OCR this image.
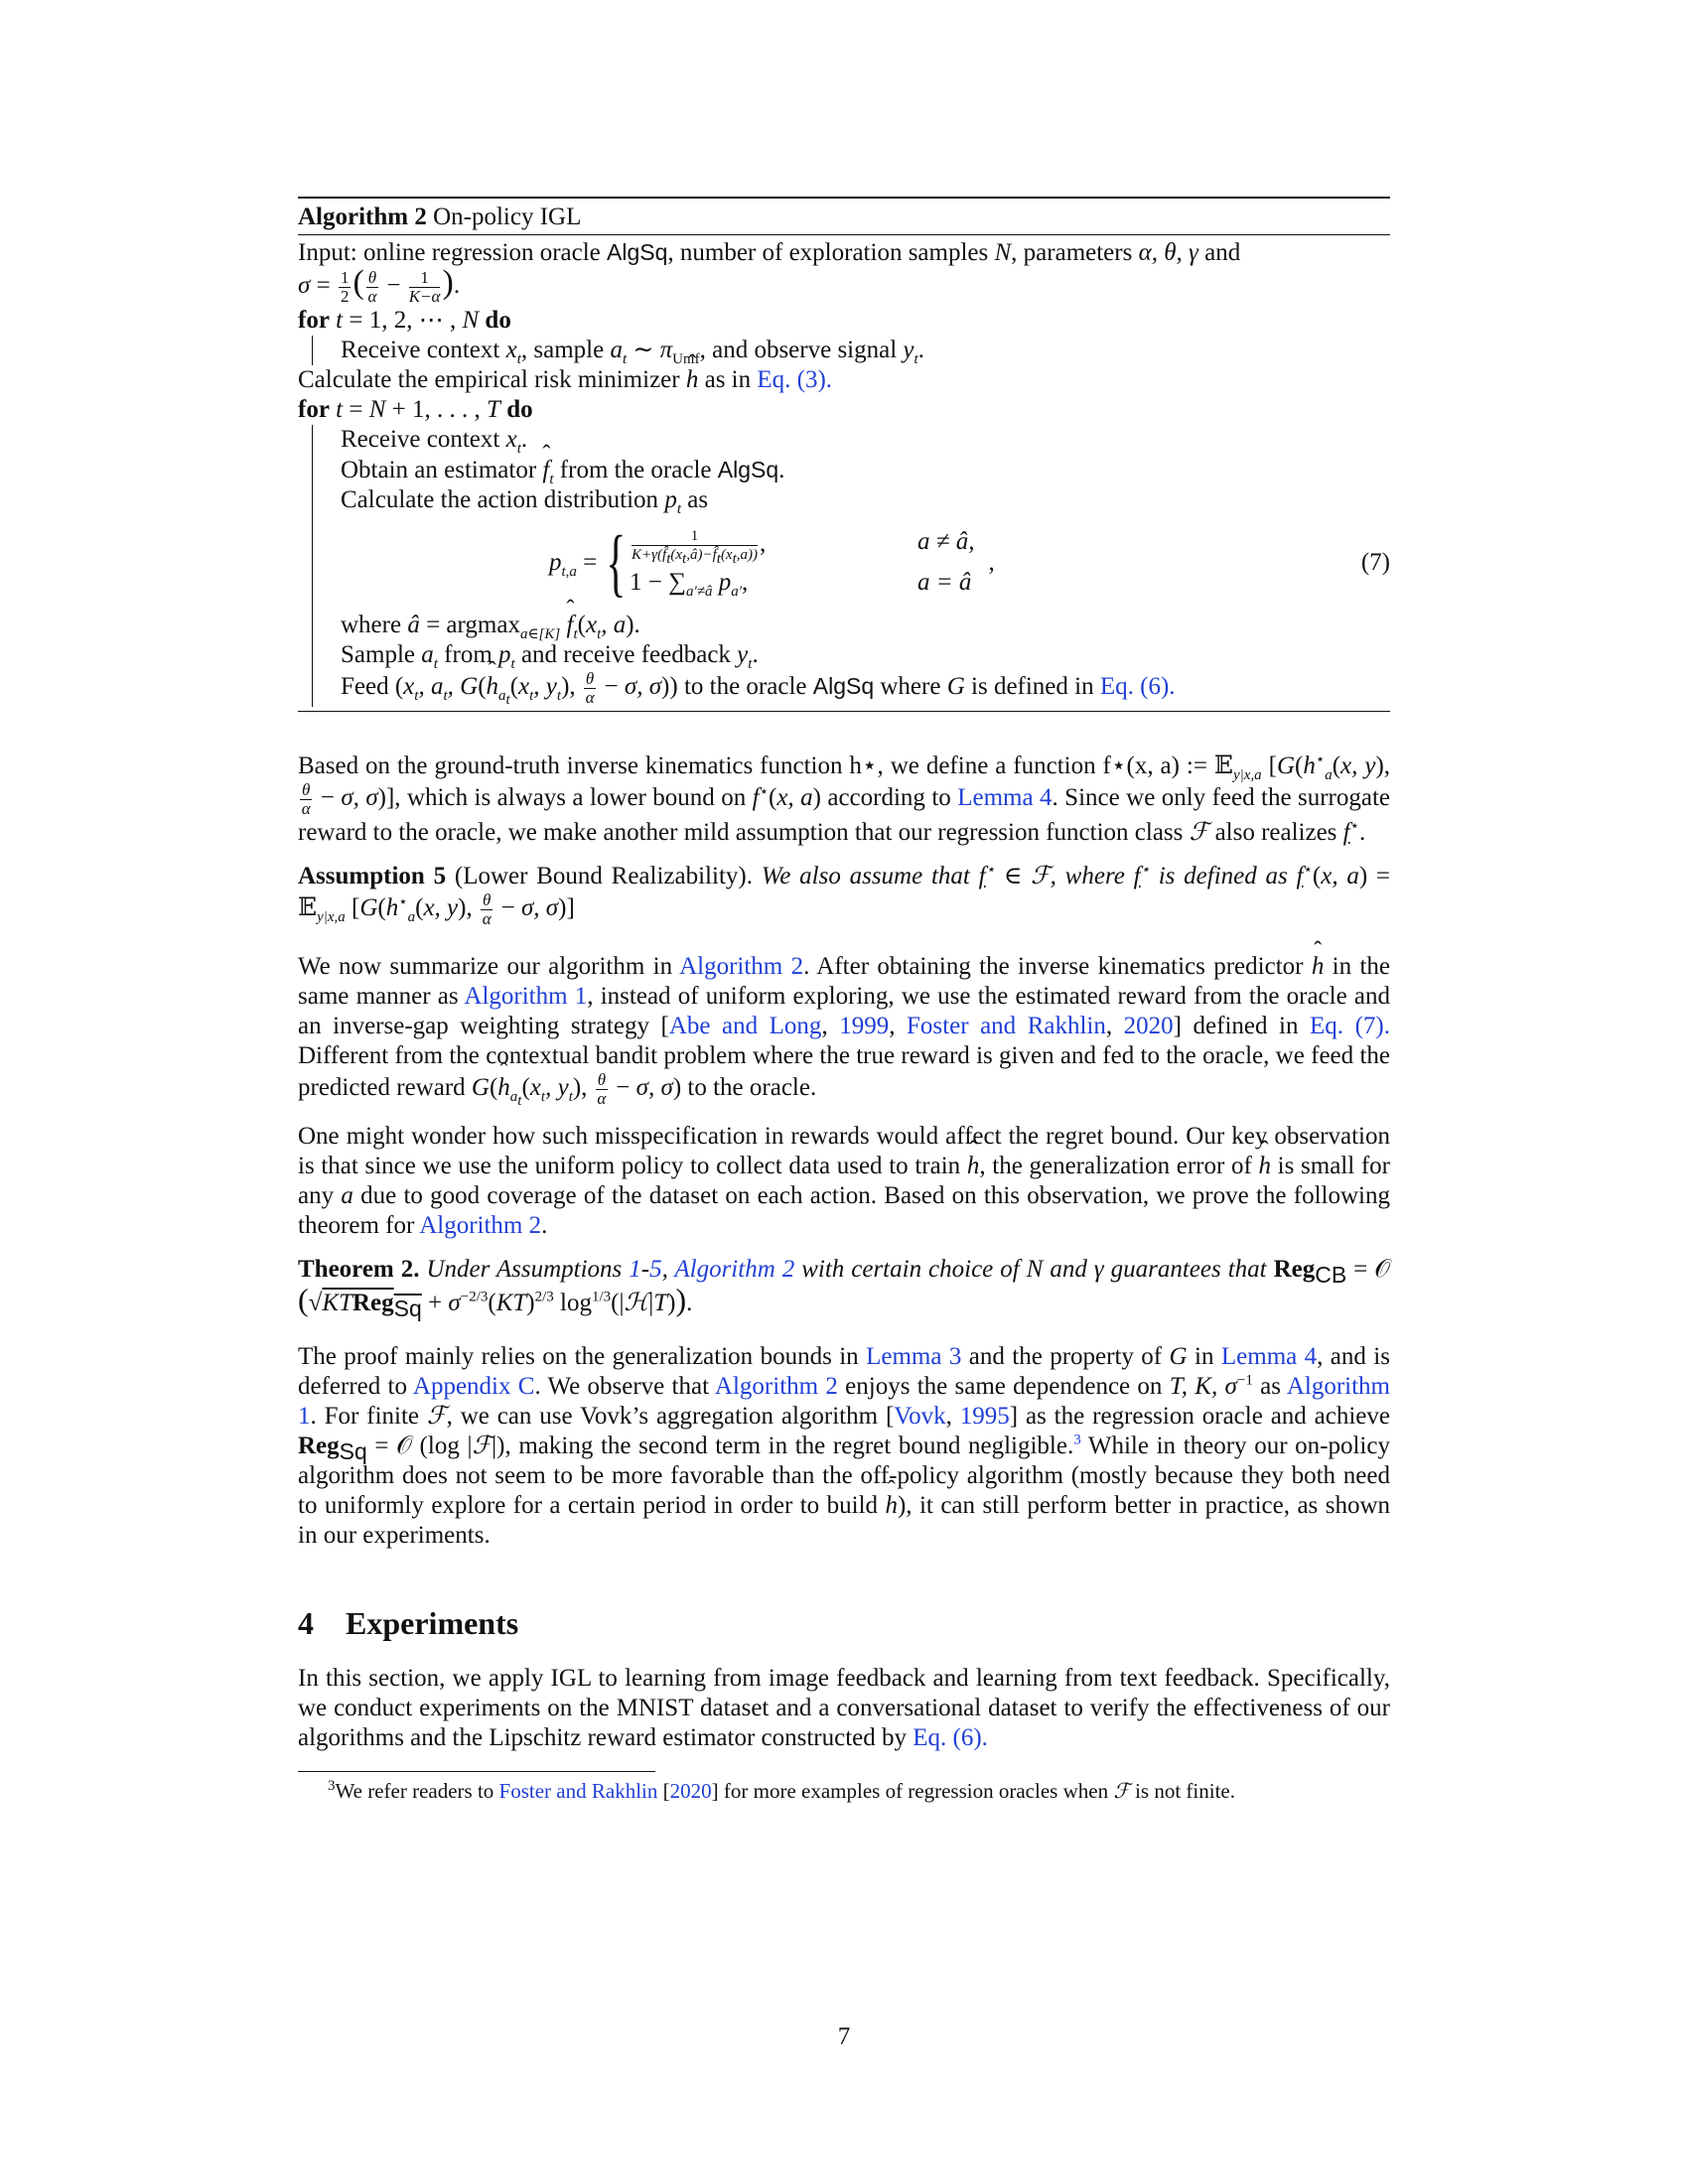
Algorithm 2 On-policy IGL
Input: online regression oracle AlgSq, number of exploration samples N, parameters α, θ, γ and
$\sigma = \frac{1}{2}$ ( $\frac{\theta}{\alpha} - \frac{1}{K-\alpha}$ ).
for t = 1, 2, ⋯ , N do
Receive context $x_t$, sample $a_t$ ∼ $\pi_{Unif}$, and observe signal $y_t$.
Calculate the empirical risk minimizer ˆ h as in Eq. (3).
for t = N + 1, . . . , T do
Receive context $x_t$.
Obtain an estimator ˆ $f_t$ from the oracle AlgSq.
Calculate the action distribution $p_t$ as
$p_{t,a}$ = { $\frac{1}{K+\gamma(f̂_t(x_t,â)-f̂_t(x_t,a))}$ ,	a ≠ â,
$1 - \sum_{a'\ne â}$ $p_{a'}$,	a = â
,	(7)
where â = argmax$_{a\in[K]}$ ˆ $f_t(x_t$, a).
Sample $a_t$ from $p_t$ and receive feedback $y_t$.
Feed ($x_t$, $a_t$, G(ˆ $h_{a_t}(x_t$, $y_t$), $\frac{\theta}{\alpha} - \sigma$, σ)) to the oracle AlgSq where G is defined in Eq. (6).

Based on the ground-truth inverse kinematics function h⋆, we define a function f⋆(x, a) := 𝔼$_{y|x,a}$ [$G(h^⋆_a(x$, y),
$\frac{\theta}{\alpha} - \sigma$, σ)], which is always a lower bound on f⋆(x, a) according to Lemma 4. Since we only feed the surrogate reward to the oracle, we make another mild assumption that our regression function class ℱ also realizes f⋆.

Assumption 5 (Lower Bound Realizability). We also assume that f⋆ ∈ ℱ, where f⋆ is defined as f⋆(x, a) = 𝔼$_{y|x,a}$ [$G(h^⋆_a(x$, y), $\frac{\theta}{\alpha} - \sigma$, σ)]

We now summarize our algorithm in Algorithm 2. After obtaining the inverse kinematics predictor ˆ h in the same manner as Algorithm 1, instead of uniform exploring, we use the estimated reward from the oracle and an inverse-gap weighting strategy [Abe and Long, 1999, Foster and Rakhlin, 2020] defined in Eq. (7). Different from the contextual bandit problem where the true reward is given and fed to the oracle, we feed the predicted reward G(ˆ $h_{a_t}(x_t$, $y_t$), $\frac{\theta}{\alpha} - \sigma$, σ) to the oracle.

One might wonder how such misspecification in rewards would affect the regret bound. Our key observation is that since we use the uniform policy to collect data used to train ˆ h, the generalization error of ˆ h is small for any a due to good coverage of the dataset on each action. Based on this observation, we prove the following theorem for Algorithm 2.

Theorem 2. Under Assumptions 1-5, Algorithm 2 with certain choice of N and γ guarantees that Reg$_{CB}$ = 𝒪 (√KTReg$_{Sq}$ + $\sigma^{-2/3}(KT)^{2/3}$ $\log^{1/3}(|ℋ|T)$).

The proof mainly relies on the generalization bounds in Lemma 3 and the property of G in Lemma 4, and is deferred to Appendix C. We observe that Algorithm 2 enjoys the same dependence on T, K, $\sigma^{-1}$ as Algorithm 1. For finite ℱ, we can use Vovk’s aggregation algorithm [Vovk, 1995] as the regression oracle and achieve Reg$_{Sq}$ = 𝒪 (log |ℱ|), making the second term in the regret bound negligible.$^3$ While in theory our on-policy algorithm does not seem to be more favorable than the off-policy algorithm (mostly because they both need to uniformly explore for a certain period in order to build ˆ h), it can still perform better in practice, as shown in our experiments.

4 Experiments

In this section, we apply IGL to learning from image feedback and learning from text feedback. Specifically, we conduct experiments on the MNIST dataset and a conversational dataset to verify the effectiveness of our algorithms and the Lipschitz reward estimator constructed by Eq. (6).

$^3$We refer readers to Foster and Rakhlin [2020] for more examples of regression oracles when ℱ is not finite.
7
